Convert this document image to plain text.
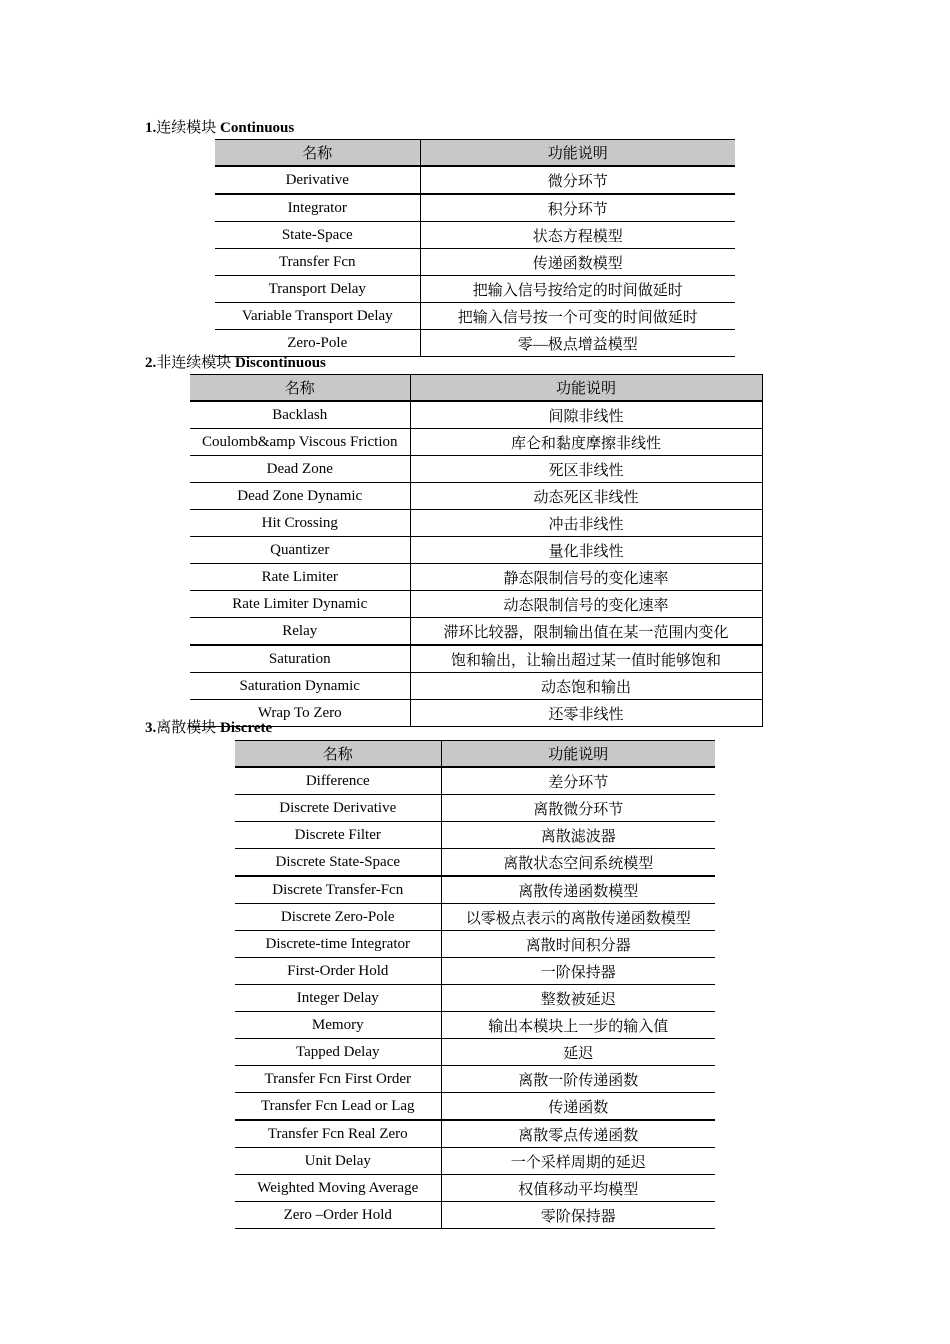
1.连续模块 Continuous
名称	功能说明
Derivative	微分环节
Integrator	积分环节
State-Space	状态方程模型
Transfer Fcn	传递函数模型
Transport Delay	把输入信号按给定的时间做延时
Variable Transport Delay	把输入信号按一个可变的时间做延时
Zero-Pole	零—极点增益模型
2.非连续模块 Discontinuous
名称	功能说明
Backlash	间隙非线性
Coulomb&amp Viscous Friction	库仑和黏度摩擦非线性
Dead Zone	死区非线性
Dead Zone Dynamic	动态死区非线性
Hit Crossing	冲击非线性
Quantizer	量化非线性
Rate Limiter	静态限制信号的变化速率
Rate Limiter Dynamic	动态限制信号的变化速率
Relay	滞环比较器，限制输出值在某一范围内变化
Saturation	饱和输出，让输出超过某一值时能够饱和
Saturation Dynamic	动态饱和输出
Wrap To Zero	还零非线性
3.离散模块 Discrete
名称	功能说明
Difference	差分环节
Discrete Derivative	离散微分环节
Discrete Filter	离散滤波器
Discrete State-Space	离散状态空间系统模型
Discrete Transfer-Fcn	离散传递函数模型
Discrete Zero-Pole	以零极点表示的离散传递函数模型
Discrete-time Integrator	离散时间积分器
First-Order Hold	一阶保持器
Integer Delay	整数被延迟
Memory	输出本模块上一步的输入值
Tapped Delay	延迟
Transfer Fcn First Order	离散一阶传递函数
Transfer Fcn Lead or Lag	传递函数
Transfer Fcn Real Zero	离散零点传递函数
Unit Delay	一个采样周期的延迟
Weighted Moving Average	权值移动平均模型
Zero –Order Hold	零阶保持器
